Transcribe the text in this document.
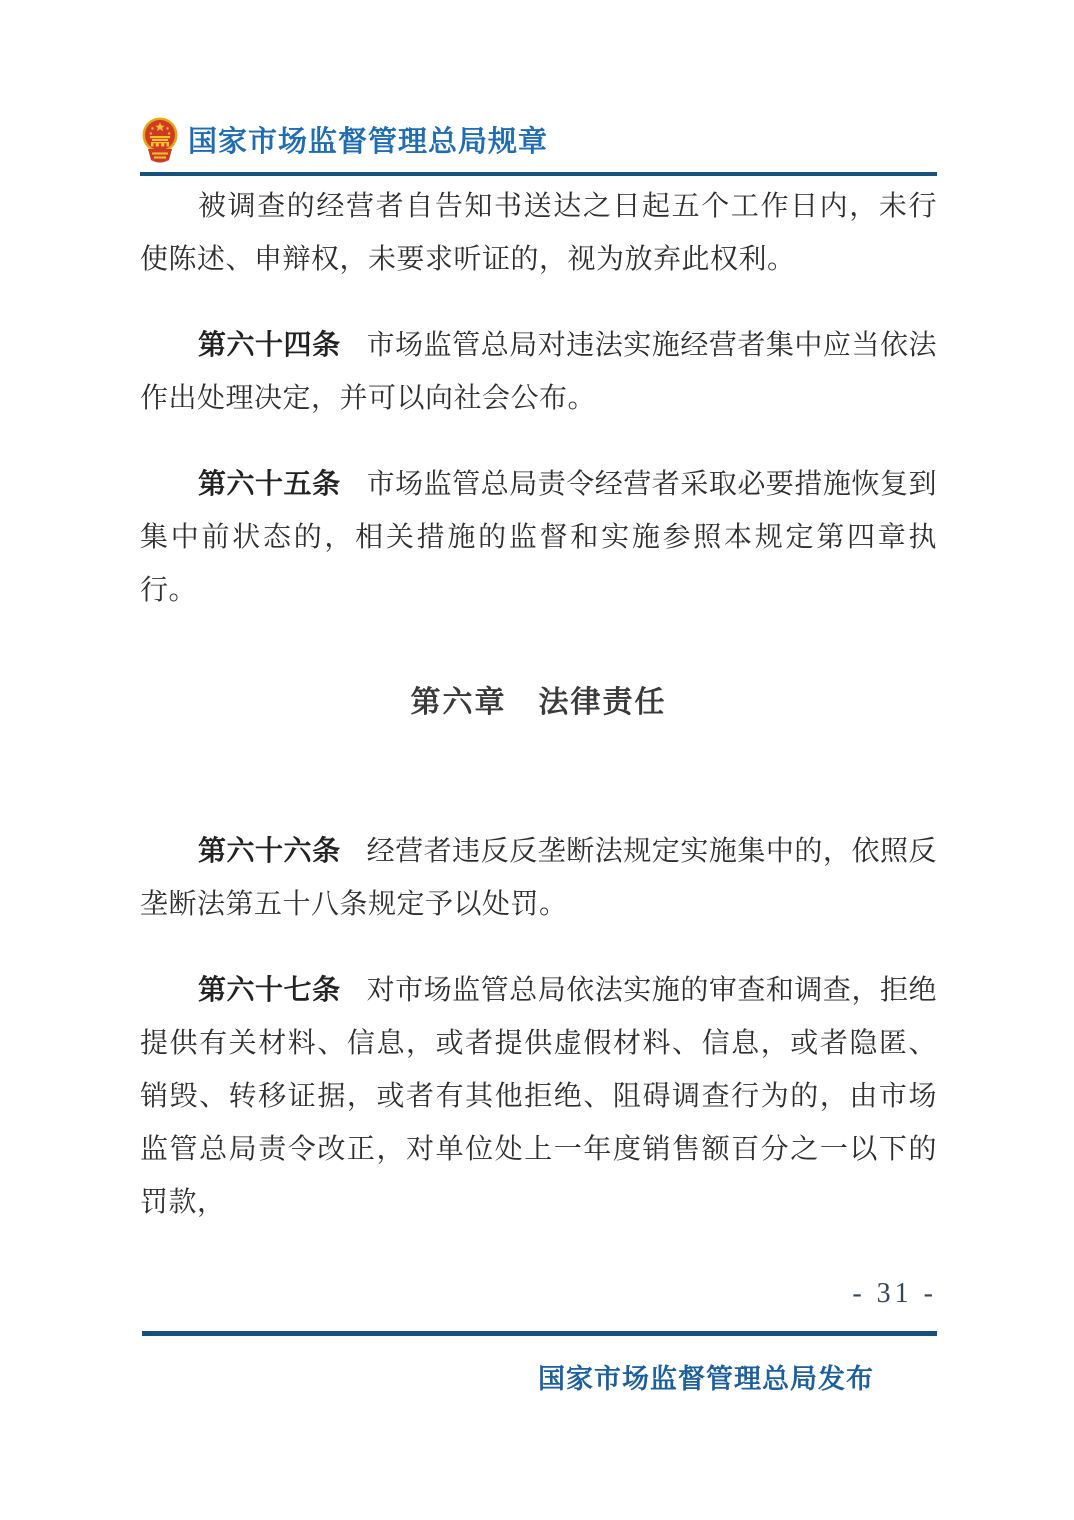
国家市场监督管理总局规章

被调查的经营者自告知书送达之日起五个工作日内，未行使陈述、申辩权，未要求听证的，视为放弃此权利。

第六十四条 市场监管总局对违法实施经营者集中应当依法作出处理决定，并可以向社会公布。

第六十五条 市场监管总局责令经营者采取必要措施恢复到集中前状态的，相关措施的监督和实施参照本规定第四章执行。

第六章　法律责任

第六十六条 经营者违反反垄断法规定实施集中的，依照反垄断法第五十八条规定予以处罚。

第六十七条 对市场监管总局依法实施的审查和调查，拒绝提供有关材料、信息，或者提供虚假材料、信息，或者隐匿、销毁、转移证据，或者有其他拒绝、阻碍调查行为的，由市场监管总局责令改正，对单位处上一年度销售额百分之一以下的罚款，

- 31 -
国家市场监督管理总局发布
